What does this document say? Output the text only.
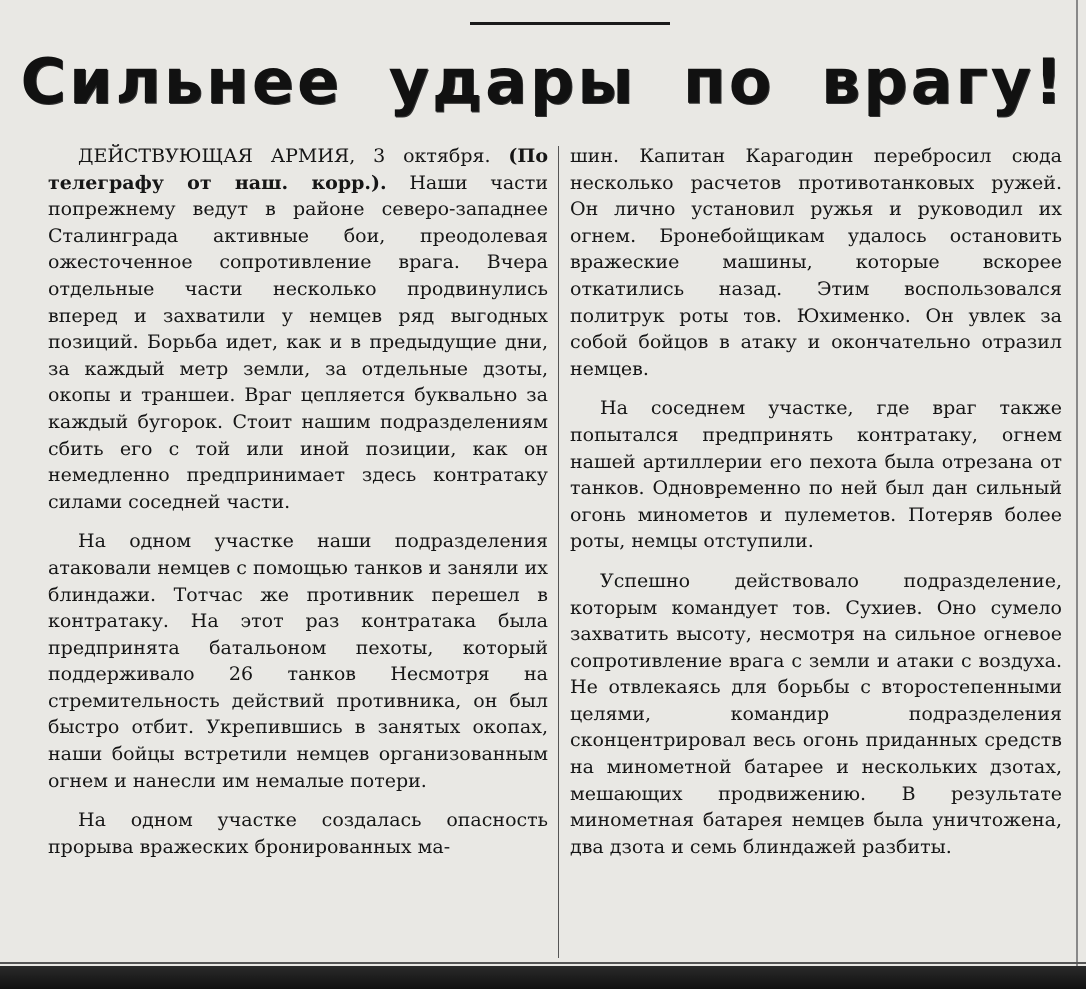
Сильнее удары по врагу!

ДЕЙСТВУЮЩАЯ АРМИЯ, 3 октября. (По телеграфу от наш. корр.). Наши части попрежнему ведут в районе северо-западнее Сталинграда активные бои, преодолевая ожесточенное сопротивление врага. Вчера отдельные части несколько продвинулись вперед и захватили у немцев ряд выгодных позиций. Борьба идет, как и в предыдущие дни, за каждый метр земли, за отдельные дзоты, окопы и траншеи. Враг цепляется буквально за каждый бугорок. Стоит нашим подразделениям сбить его с той или иной позиции, как он немедленно предпринимает здесь контратаку силами соседней части.

На одном участке наши подразделения атаковали немцев с помощью танков и заняли их блиндажи. Тотчас же противник перешел в контратаку. На этот раз контратака была предпринята батальоном пехоты, который поддерживало 26 танков Несмотря на стремительность действий противника, он был быстро отбит. Укрепившись в занятых окопах, наши бойцы встретили немцев организованным огнем и нанесли им немалые потери.

На одном участке создалась опасность прорыва вражеских бронированных ма-

шин. Капитан Карагодин перебросил сюда несколько расчетов противотанковых ружей. Он лично установил ружья и руководил их огнем. Бронебойщикам удалось остановить вражеские машины, которые вскорее откатились назад. Этим воспользовался политрук роты тов. Юхименко. Он увлек за собой бойцов в атаку и окончательно отразил немцев.

На соседнем участке, где враг также попытался предпринять контратаку, огнем нашей артиллерии его пехота была отрезана от танков. Одновременно по ней был дан сильный огонь минометов и пулеметов. Потеряв более роты, немцы отступили.

Успешно действовало подразделение, которым командует тов. Сухиев. Оно сумело захватить высоту, несмотря на сильное огневое сопротивление врага с земли и атаки с воздуха. Не отвлекаясь для борьбы с второстепенными целями, командир подразделения сконцентрировал весь огонь приданных средств на минометной батарее и нескольких дзотах, мешающих продвижению. В результате минометная батарея немцев была уничтожена, два дзота и семь блиндажей разбиты.
